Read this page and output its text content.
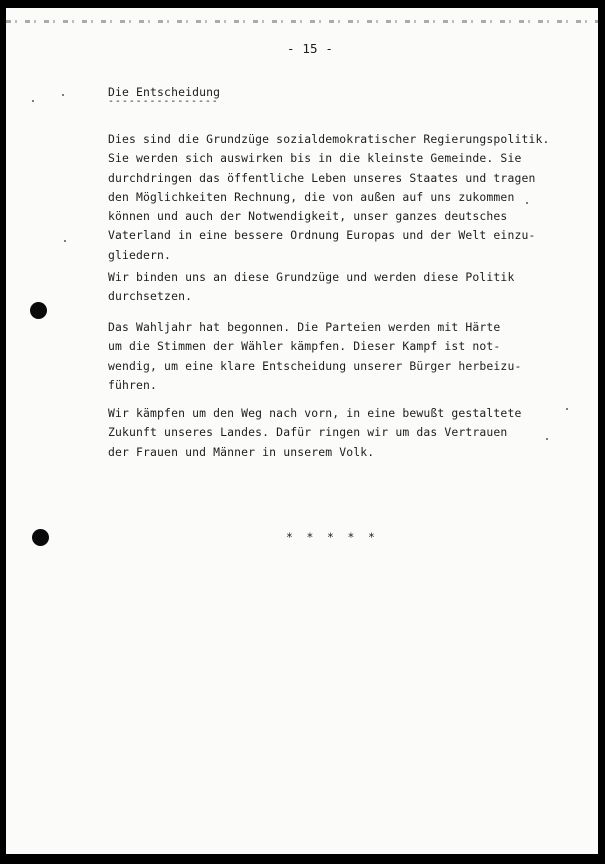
- 15 -
Die Entscheidung
----------------
Dies sind die Grundzüge sozialdemokratischer Regierungspolitik.
Sie werden sich auswirken bis in die kleinste Gemeinde. Sie
durchdringen das öffentliche Leben unseres Staates und tragen
den Möglichkeiten Rechnung, die von außen auf uns zukommen
können und auch der Notwendigkeit, unser ganzes deutsches
Vaterland in eine bessere Ordnung Europas und der Welt einzu-
gliedern.
Wir binden uns an diese Grundzüge und werden diese Politik
durchsetzen.
Das Wahljahr hat begonnen. Die Parteien werden mit Härte
um die Stimmen der Wähler kämpfen. Dieser Kampf ist not-
wendig, um eine klare Entscheidung unserer Bürger herbeizu-
führen.
Wir kämpfen um den Weg nach vorn, in eine bewußt gestaltete
Zukunft unseres Landes. Dafür ringen wir um das Vertrauen
der Frauen und Männer in unserem Volk.
* * * * *
